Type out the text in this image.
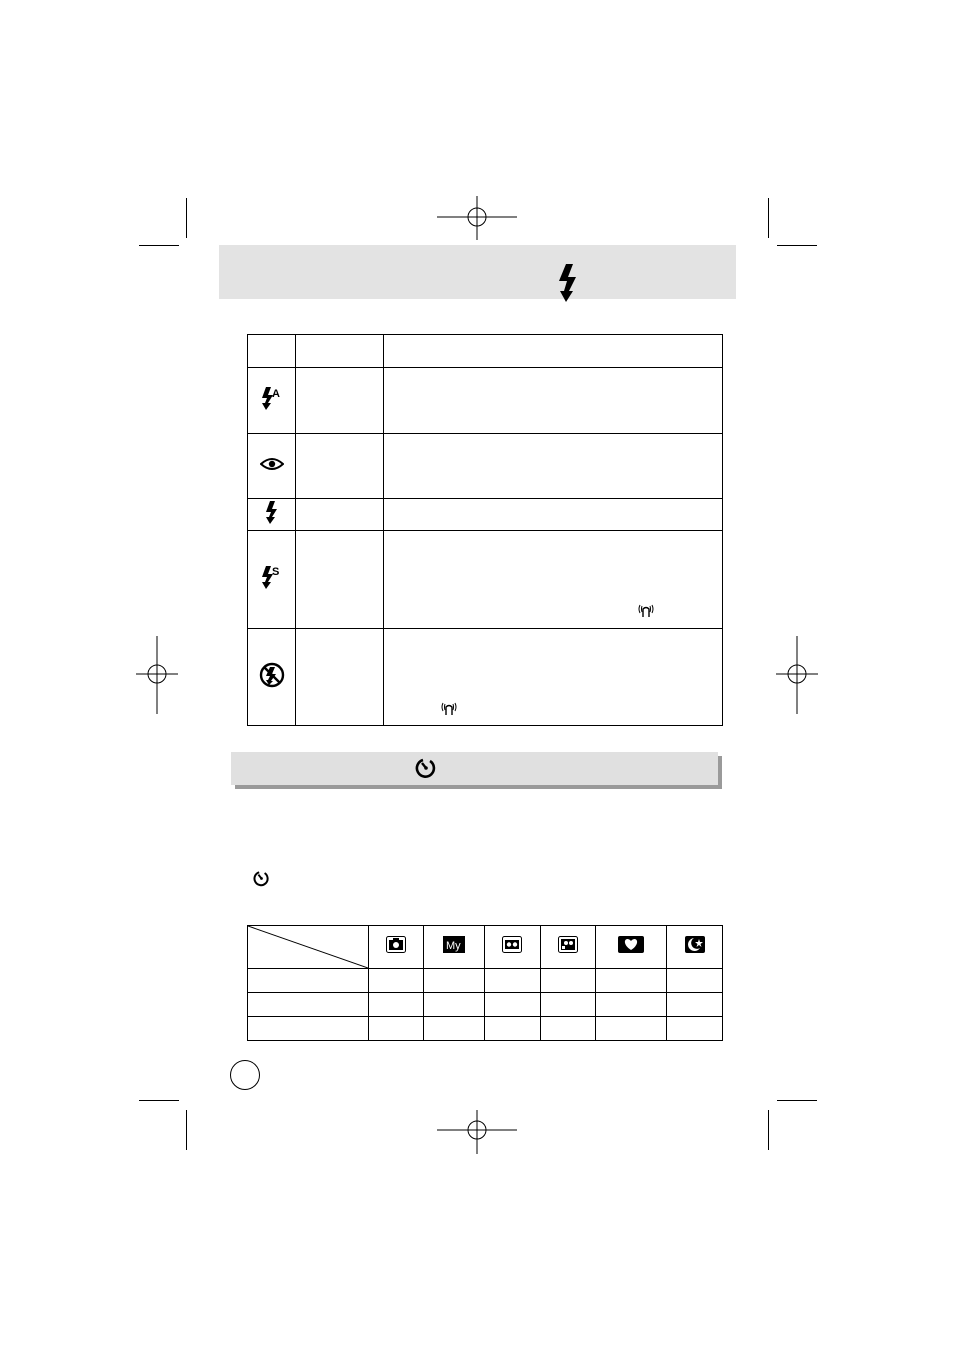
A		

S

My
